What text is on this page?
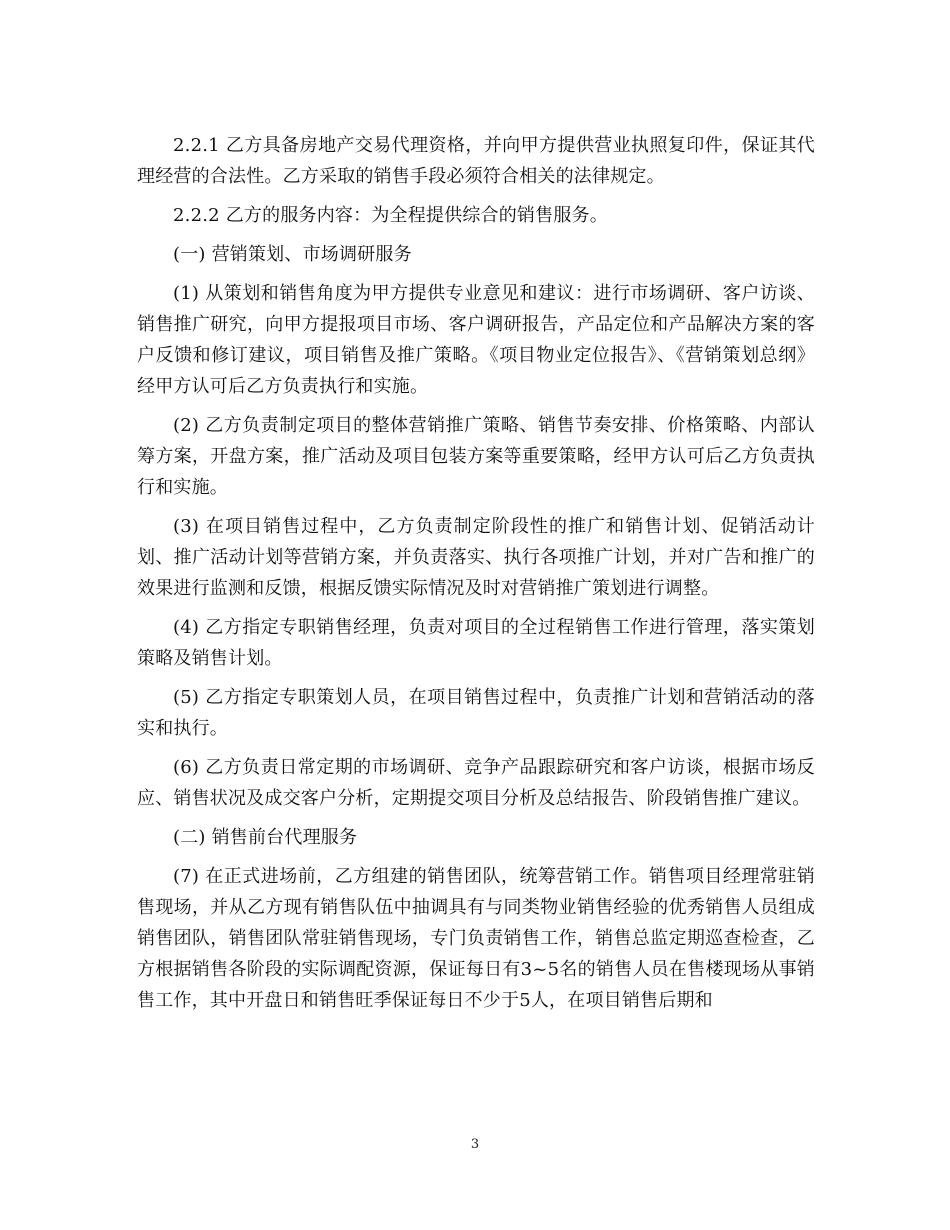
2.2.1 乙方具备房地产交易代理资格，并向甲方提供营业执照复印件，保证其代理经营的合法性。乙方采取的销售手段必须符合相关的法律规定。

2.2.2 乙方的服务内容：为全程提供综合的销售服务。

(一) 营销策划、市场调研服务

(1) 从策划和销售角度为甲方提供专业意见和建议：进行市场调研、客户访谈、销售推广研究，向甲方提报项目市场、客户调研报告，产品定位和产品解决方案的客户反馈和修订建议，项目销售及推广策略。《项目物业定位报告》、《营销策划总纲》经甲方认可后乙方负责执行和实施。

(2) 乙方负责制定项目的整体营销推广策略、销售节奏安排、价格策略、内部认筹方案，开盘方案，推广活动及项目包装方案等重要策略，经甲方认可后乙方负责执行和实施。

(3) 在项目销售过程中，乙方负责制定阶段性的推广和销售计划、促销活动计划、推广活动计划等营销方案，并负责落实、执行各项推广计划，并对广告和推广的效果进行监测和反馈，根据反馈实际情况及时对营销推广策划进行调整。

(4) 乙方指定专职销售经理，负责对项目的全过程销售工作进行管理，落实策划策略及销售计划。

(5) 乙方指定专职策划人员，在项目销售过程中，负责推广计划和营销活动的落实和执行。

(6) 乙方负责日常定期的市场调研、竞争产品跟踪研究和客户访谈，根据市场反应、销售状况及成交客户分析，定期提交项目分析及总结报告、阶段销售推广建议。

(二) 销售前台代理服务

(7) 在正式进场前，乙方组建的销售团队，统筹营销工作。销售项目经理常驻销售现场，并从乙方现有销售队伍中抽调具有与同类物业销售经验的优秀销售人员组成销售团队，销售团队常驻销售现场，专门负责销售工作，销售总监定期巡查检查，乙方根据销售各阶段的实际调配资源，保证每日有3~5名的销售人员在售楼现场从事销售工作，其中开盘日和销售旺季保证每日不少于5人，在项目销售后期和

3
